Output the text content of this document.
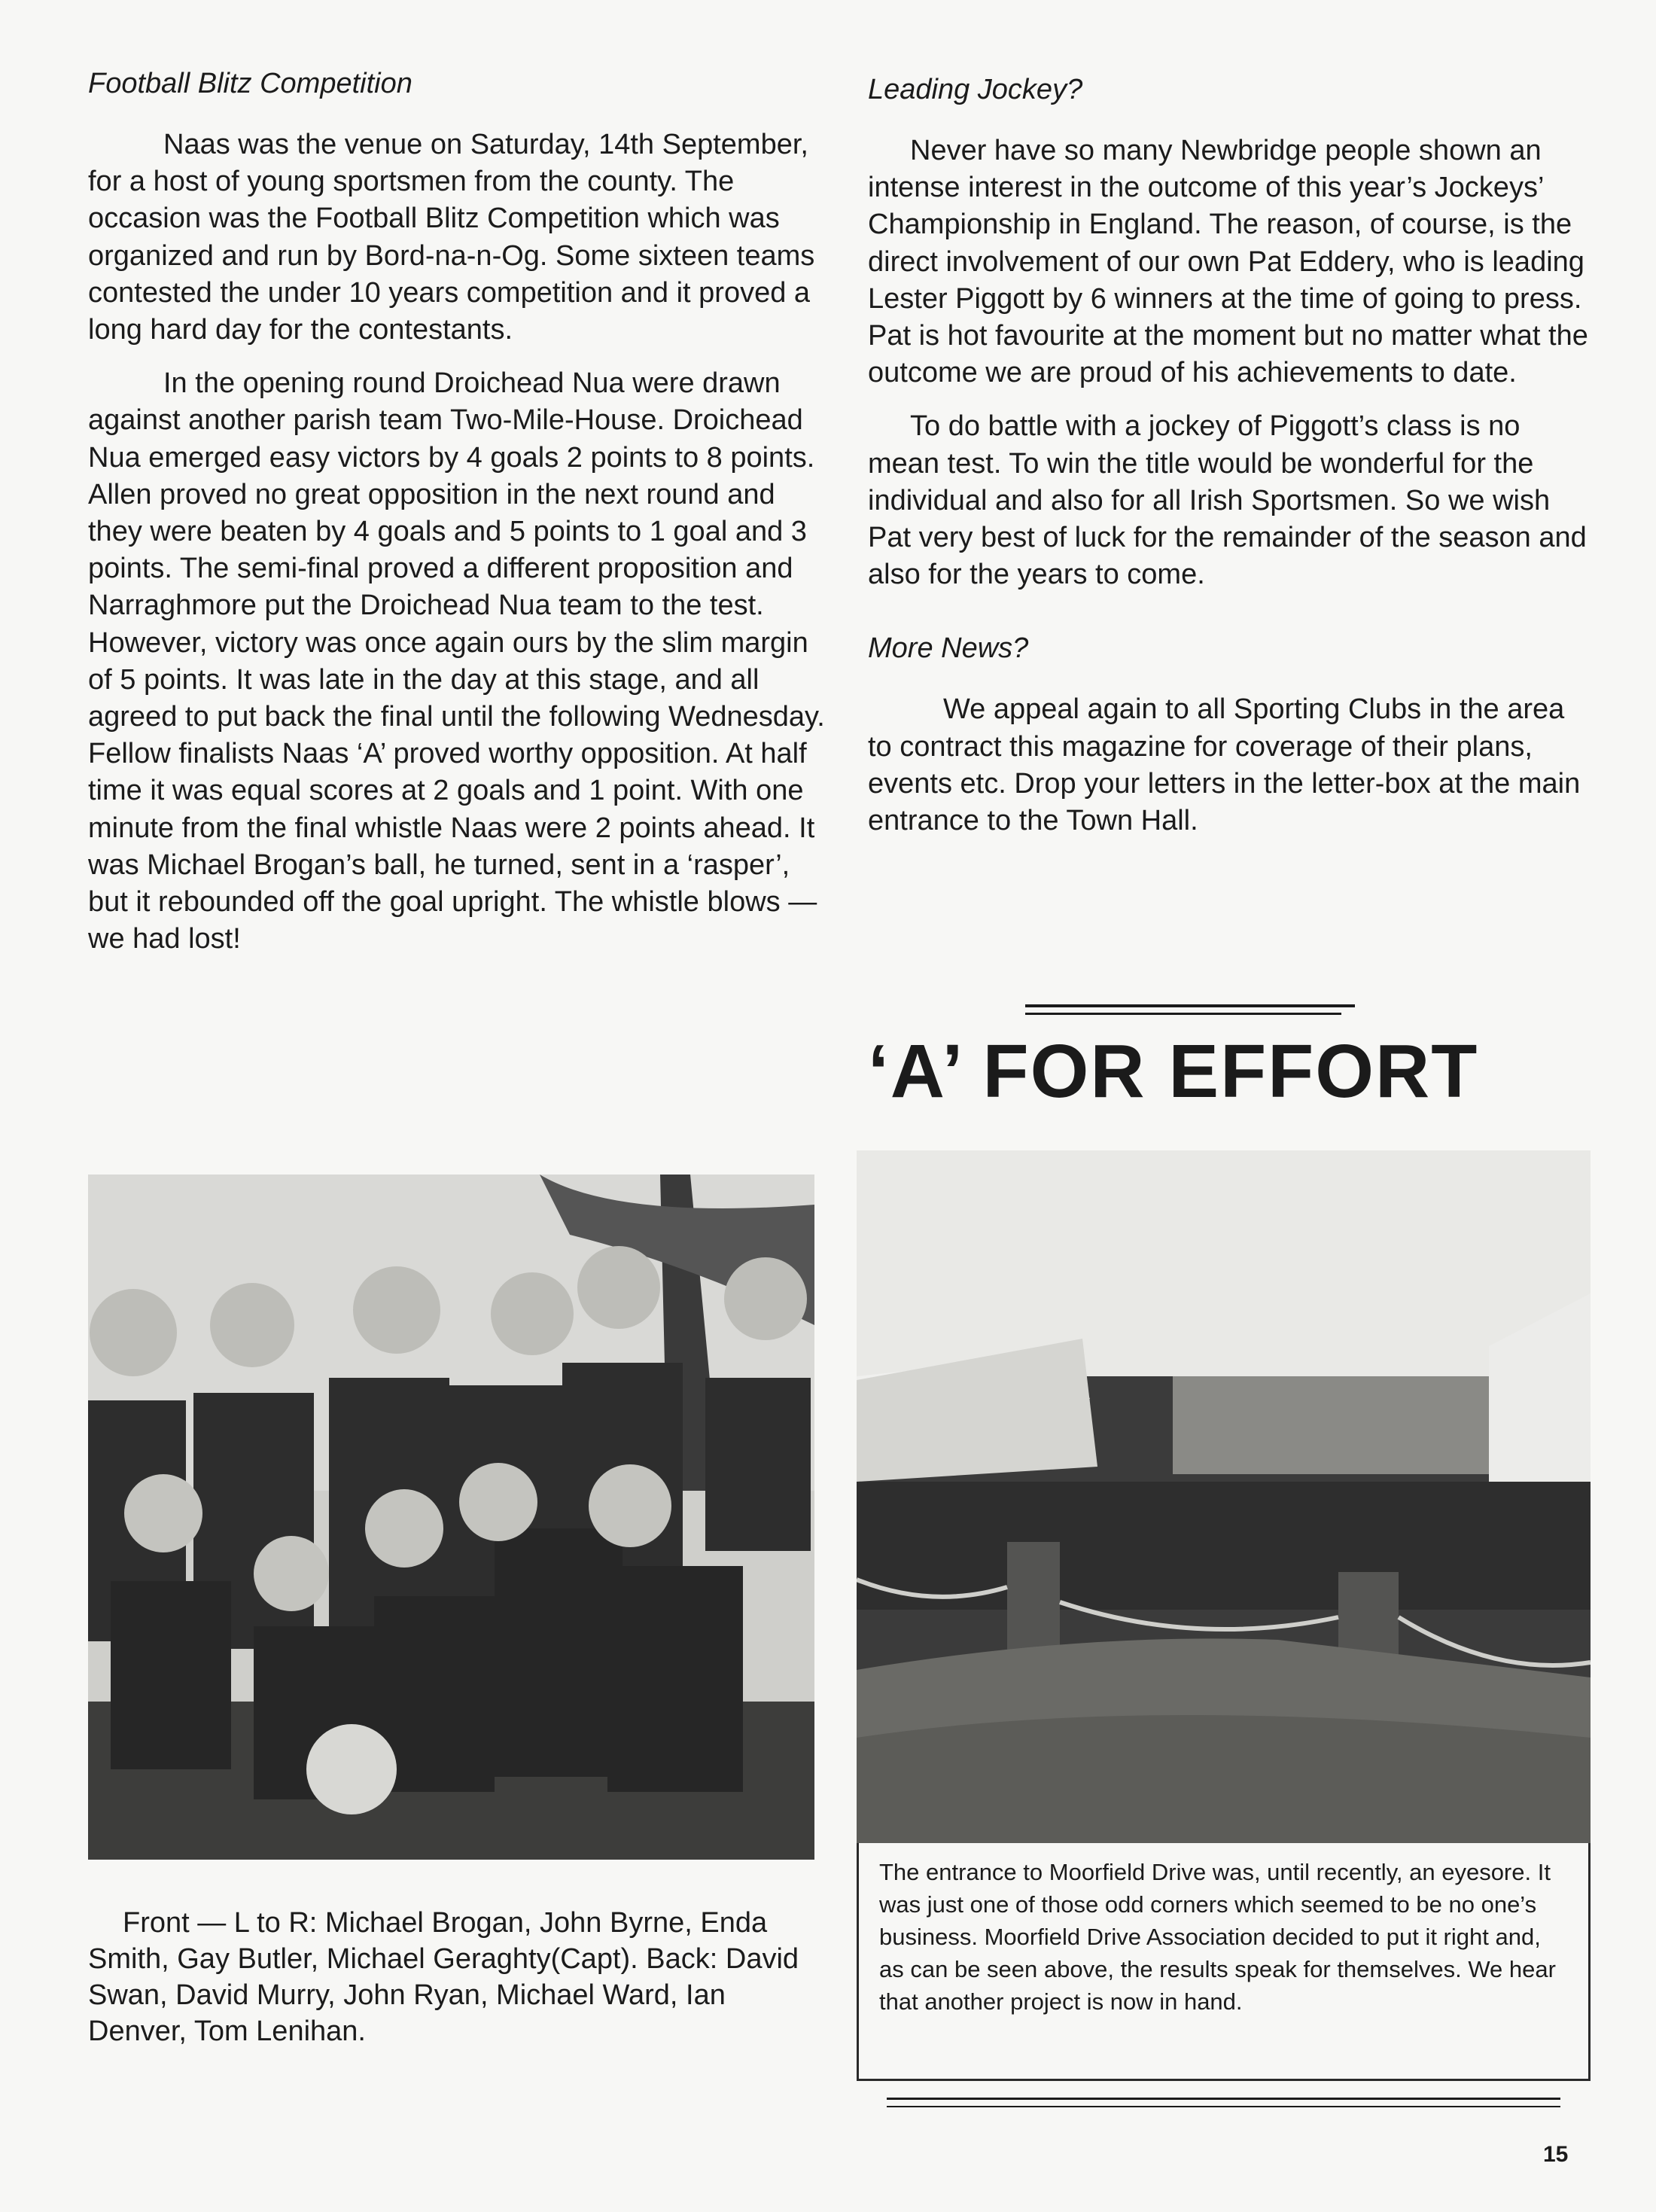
Football Blitz Competition

Naas was the venue on Saturday, 14th September, for a host of young sportsmen from the county. The occasion was the Football Blitz Competition which was organized and run by Bord-na-n-Og. Some sixteen teams contested the under 10 years competition and it proved a long hard day for the contestants.

In the opening round Droichead Nua were drawn against another parish team Two-Mile-House. Droichead Nua emerged easy victors by 4 goals 2 points to 8 points. Allen proved no great opposition in the next round and they were beaten by 4 goals and 5 points to 1 goal and 3 points. The semi-final proved a different proposition and Narraghmore put the Droichead Nua team to the test. However, victory was once again ours by the slim margin of 5 points. It was late in the day at this stage, and all agreed to put back the final until the following Wednesday. Fellow finalists Naas ‘A’ proved worthy opposition. At half time it was equal scores at 2 goals and 1 point. With one minute from the final whistle Naas were 2 points ahead. It was Michael Brogan’s ball, he turned, sent in a ‘rasper’, but it rebounded off the goal upright. The whistle blows — we had lost!

Leading Jockey?

Never have so many Newbridge people shown an intense interest in the outcome of this year’s Jockeys’ Championship in England. The reason, of course, is the direct involvement of our own Pat Eddery, who is leading Lester Piggott by 6 winners at the time of going to press. Pat is hot favourite at the moment but no matter what the outcome we are proud of his achievements to date.

To do battle with a jockey of Piggott’s class is no mean test. To win the title would be wonderful for the individual and also for all Irish Sportsmen. So we wish Pat very best of luck for the remainder of the season and also for the years to come.

More News?

We appeal again to all Sporting Clubs in the area to contract this magazine for coverage of their plans, events etc. Drop your letters in the letter-box at the main entrance to the Town Hall.

‘A’ FOR EFFORT

Front — L to R: Michael Brogan, John Byrne, Enda Smith, Gay Butler, Michael Geraghty(Capt). Back: David Swan, David Murry, John Ryan, Michael Ward, Ian Denver, Tom Lenihan.

The entrance to Moorfield Drive was, until recently, an eyesore. It was just one of those odd corners which seemed to be no one’s business. Moorfield Drive Association decided to put it right and, as can be seen above, the results speak for themselves. We hear that another project is now in hand.

15
